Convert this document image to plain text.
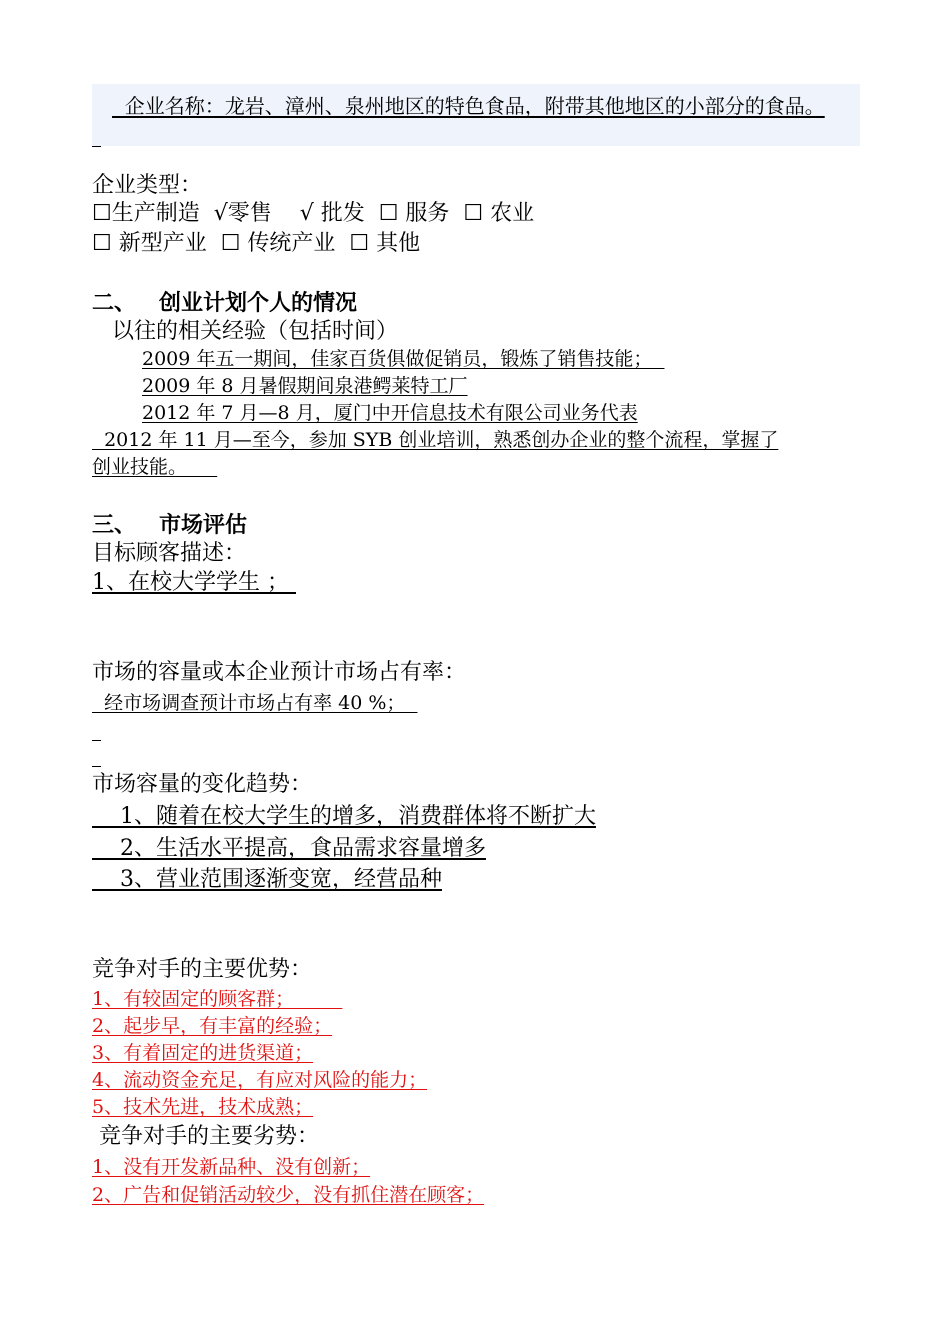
企业名称：龙岩、漳州、泉州地区的特色食品，附带其他地区的小部分的食品。
企业类型：
☐生产制造  √零售    √ 批发  ☐ 服务  ☐ 农业
☐ 新型产业  ☐ 传统产业  ☐ 其他
二、   创业计划个人的情况
以往的相关经验（包括时间）
2009 年五一期间，佳家百货俱做促销员，锻炼了销售技能；
2009 年 8 月暑假期间泉港鳄莱特工厂
2012 年 7 月—8 月，厦门中开信息技术有限公司业务代表
2012 年 11 月—至今，参加 SYB 创业培训，熟悉创办企业的整个流程，掌握了
创业技能。
三、   市场评估
目标顾客描述：
1、在校大学学生 ；
市场的容量或本企业预计市场占有率：
经市场调查预计市场占有率 40 %；
市场容量的变化趋势：
1、随着在校大学生的增多，消费群体将不断扩大
2、生活水平提高，食品需求容量增多
3、营业范围逐渐变宽，经营品种
竞争对手的主要优势：
1、有较固定的顾客群；
2、起步早，有丰富的经验；
3、有着固定的进货渠道；
4、流动资金充足，有应对风险的能力；
5、技术先进，技术成熟；
竞争对手的主要劣势：
1、没有开发新品种、没有创新；
2、广告和促销活动较少，没有抓住潜在顾客；
